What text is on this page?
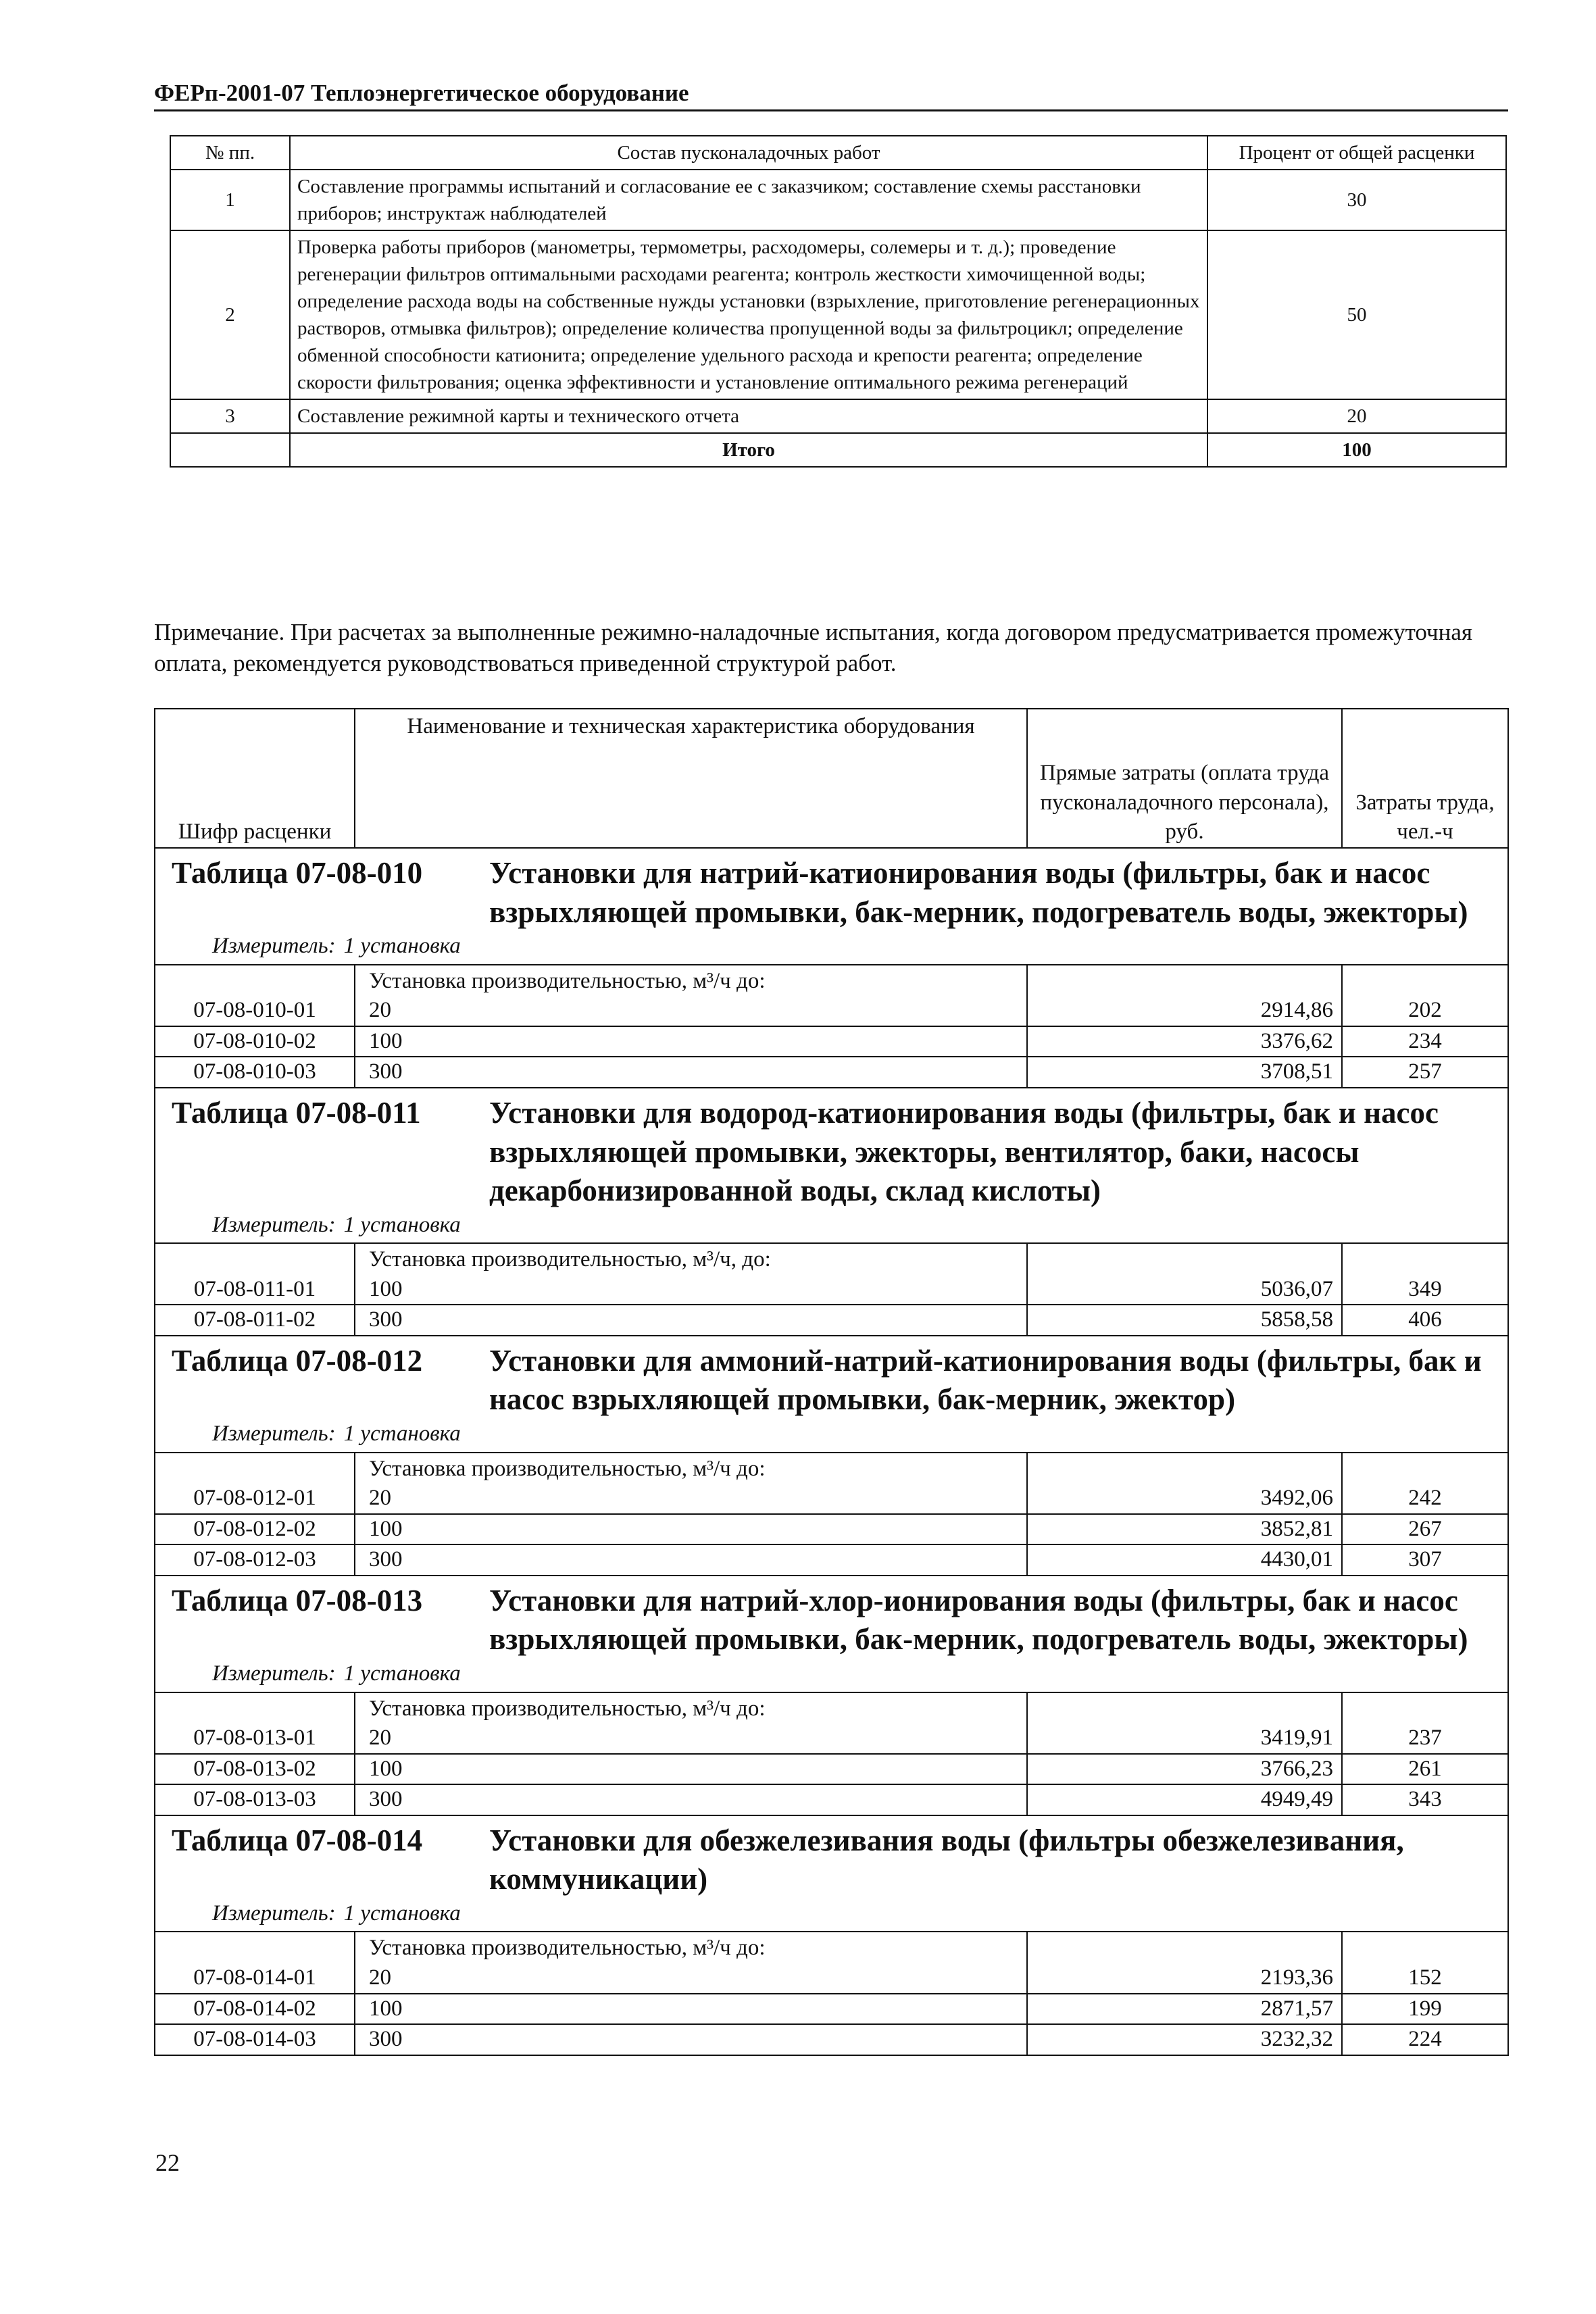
ФЕРп-2001-07 Теплоэнергетическое оборудование
№ пп.	Состав пусконаладочных работ	Процент от общей расценки
1	Составление программы испытаний и согласование ее с заказчиком; составление схемы расстановки приборов; инструктаж наблюдателей	30
2	Проверка работы приборов (манометры, термометры, расходомеры, солемеры и т. д.); проведение регенерации фильтров оптимальными расходами реагента; контроль жесткости химочищенной воды; определение расхода воды на собственные нужды установки (взрыхление, приготовление регенерационных растворов, отмывка фильтров); определение количества пропущенной воды за фильтроцикл; определение обменной способности катионита; определение удельного расхода и крепости реагента; определение скорости фильтрования; оценка эффективности и установление оптимального режима регенераций	50
3	Составление режимной карты и технического отчета	20
	Итого	100
Примечание. При расчетах за выполненные режимно-наладочные испытания, когда договором предусматривается промежуточная оплата, рекомендуется руководствоваться приведенной структурой работ.
Шифр расценки	Наименование и техническая характеристика оборудования	Прямые затраты (оплата труда пусконаладочного персонала), руб.	Затраты труда, чел.-ч

Таблица 07-08-010 Установки для натрий-катионирования воды (фильтры, бак и насос взрыхляющей промывки, бак-мерник, подогреватель воды, эжекторы)
Измеритель: 1 установка			

	Установка производительностью, м³/ч до:		
07-08-010-01	20	2914,86	202
07-08-010-02	100	3376,62	234
07-08-010-03	300	3708,51	257

Таблица 07-08-011 Установки для водород-катионирования воды (фильтры, бак и насос взрыхляющей промывки, эжекторы, вентилятор, баки, насосы декарбонизированной воды, склад кислоты)
Измеритель: 1 установка			

	Установка производительностью, м³/ч, до:		
07-08-011-01	100	5036,07	349
07-08-011-02	300	5858,58	406

Таблица 07-08-012 Установки для аммоний-натрий-катионирования воды (фильтры, бак и насос взрыхляющей промывки, бак-мерник, эжектор)
Измеритель: 1 установка			

	Установка производительностью, м³/ч до:		
07-08-012-01	20	3492,06	242
07-08-012-02	100	3852,81	267
07-08-012-03	300	4430,01	307

Таблица 07-08-013 Установки для натрий-хлор-ионирования воды (фильтры, бак и насос взрыхляющей промывки, бак-мерник, подогреватель воды, эжекторы)
Измеритель: 1 установка			

	Установка производительностью, м³/ч до:		
07-08-013-01	20	3419,91	237
07-08-013-02	100	3766,23	261
07-08-013-03	300	4949,49	343

Таблица 07-08-014 Установки для обезжелезивания воды (фильтры обезжелезивания, коммуникации)
Измеритель: 1 установка			

	Установка производительностью, м³/ч до:		
07-08-014-01	20	2193,36	152
07-08-014-02	100	2871,57	199
07-08-014-03	300	3232,32	224
22
